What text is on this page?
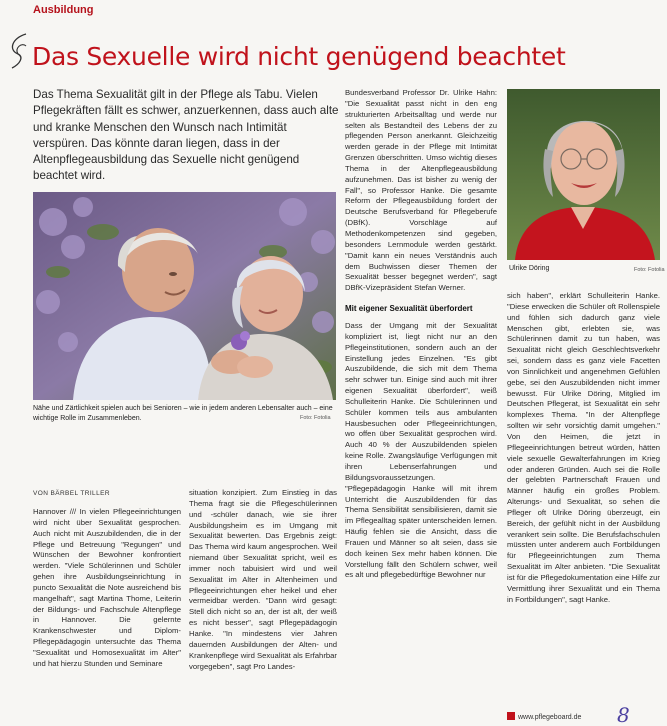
Ausbildung
Das Sexuelle wird nicht genügend beachtet

Das Thema Sexualität gilt in der Pflege als Tabu. Vielen Pflegekräften fällt es schwer, anzuerkennen, dass auch alte und kranke Menschen den Wunsch nach Intimität verspüren. Das könnte daran liegen, dass in der Altenpflegeausbildung das Sexuelle nicht genügend beachtet wird.

Nähe und Zärtlichkeit spielen auch bei Senioren – wie in jedem anderen Lebensalter auch – eine wichtige Rolle im Zusammenleben.	Foto: Fotolia
Ulrike Döring	Foto: Fotolia
VON BÄRBEL TRILLER

Hannover /// In vielen Pflegeeinrichtungen wird nicht über Sexualität gesprochen. Auch nicht mit Auszubildenden, die in der Pflege und Betreuung "Regungen" und Wünschen der Bewohner konfrontiert werden. "Viele Schülerinnen und Schüler gehen ihre Ausbildungseinrichtung in puncto Sexualität die Note ausreichend bis mangelhaft", sagt Martina Thome, Leiterin der Bildungs- und Fachschule Altenpflege in Hannover. Die gelernte Krankenschwester und Diplom-Pflegepädagogin untersuchte das Thema "Sexualität und Homosexualität im Alter" und hat hierzu Stunden und Seminare

situation konzipiert. Zum Einstieg in das Thema fragt sie die Pflegeschülerinnen und -schüler danach, wie sie ihrer Ausbildungsheim es im Umgang mit Sexualität bewerten. Das Ergebnis zeigt: Das Thema wird kaum angesprochen. Weil niemand über Sexualität spricht, weil es immer noch tabuisiert wird und weil Sexualität im Alter in Altenheimen und Pflegeeinrichtungen eher heikel und eher vermeidbar werden. "Dann wird gesagt: Stell dich nicht so an, der ist alt, der weiß es nicht besser", sagt Pflegepädagogin Hanke. "In mindestens vier Jahren dauernden Ausbildungen der Alten- und Krankenpflege wird Sexualität als Erfahrbar vorgegeben", sagt Pro Landes-

Bundesverband Professor Dr. Ulrike Hahn: "Die Sexualität passt nicht in den eng strukturierten Arbeitsalltag und werde nur selten als Bestandteil des Lebens der zu pflegenden Person anerkannt. Gleichzeitig werden gerade in der Pflege mit Intimität Grenzen überschritten. Umso wichtig dieses Thema in der Altenpflegeausbildung aufzunehmen. Das ist bisher zu wenig der Fall", so Professor Hanke. Die gesamte Reform der Pflegeausbildung fordert der Deutsche Berufsverband für Pflegeberufe (DBfK). Vorschläge auf Methodenkompetenzen sind gegeben, besonders Lernmodule werden gestärkt. "Damit kann ein neues Verständnis auch dem Buchwissen dieser Themen der Sexualität besser begegnet werden", sagt DBfK-Vizepräsident Stefan Werner.

Mit eigener Sexualität überfordert

Dass der Umgang mit der Sexualität kompliziert ist, liegt nicht nur an den Pflegeinstitutionen, sondern auch an der Einstellung jedes Einzelnen. "Es gibt Auszubildende, die sich mit dem Thema sehr schwer tun. Einige sind auch mit ihrer eigenen Sexualität überfordert", weiß Schulleiterin Hanke. Die Schülerinnen und Schüler kommen teils aus ambulanten Hausbesuchen oder Pflegeeinrichtungen, wo offen über Sexualität gesprochen wird. Auch 40 % der Auszubildenden spielen keine Rolle. Zwangsläufige Verfügungen mit ihren Lebenserfahrungen und Bildungsvoraussetzungen. "Pflegepädagogin Hanke will mit ihrem Unterricht die Auszubildenden für das Thema Sensibilität sensibilisieren, damit sie im Pflegealltag später unterscheiden lernen. Häufig fehlen sie die Ansicht, dass die Frauen und Männer so alt seien, dass sie doch keinen Sex mehr haben können. Die Vorstellung fällt den Schülern schwer, weil es alt und pflegebedürftige Bewohner nur

sich haben", erklärt Schulleiterin Hanke. "Diese erwecken die Schüler oft Rollenspiele und fühlen sich dadurch ganz viele Menschen gibt, erlebten sie, was Schülerinnen damit zu tun haben, was Sexualität nicht gleich Geschlechtsverkehr sei, sondern dass es ganz viele Facetten von Sinnlichkeit und angenehmen Gefühlen gebe, sei den Auszubildenden nicht immer bewusst. Für Ulrike Döring, Mitglied im Deutschen Pflegerat, ist Sexualität ein sehr komplexes Thema. "In der Altenpflege sollten wir sehr vorsichtig damit umgehen." Von den Heimen, die jetzt in Pflegeeinrichtungen betreut würden, hätten viele sexuelle Gewalterfahrungen im Krieg oder anderen Gründen. Auch sei die Rolle der gelebten Partnerschaft Frauen und Männer häufig ein großes Problem. Alterungs- und Sexualität, so sehen die Pfleger oft Ulrike Döring überzeugt, ein Bereich, der gefühlt nicht in der Ausbildung verankert sein sollte. Die Berufsfachschulen müssten unter anderem auch Fortbildungen für Pflegeeinrichtungen zum Thema Sexualität im Alter anbieten. "Die Sexualität ist für die Pflegedokumentation eine Hilfe zur Vermittlung ihrer Sexualität und ein Thema in Fortbildungen", sagt Hanke.

www.pflegeboard.de 8
